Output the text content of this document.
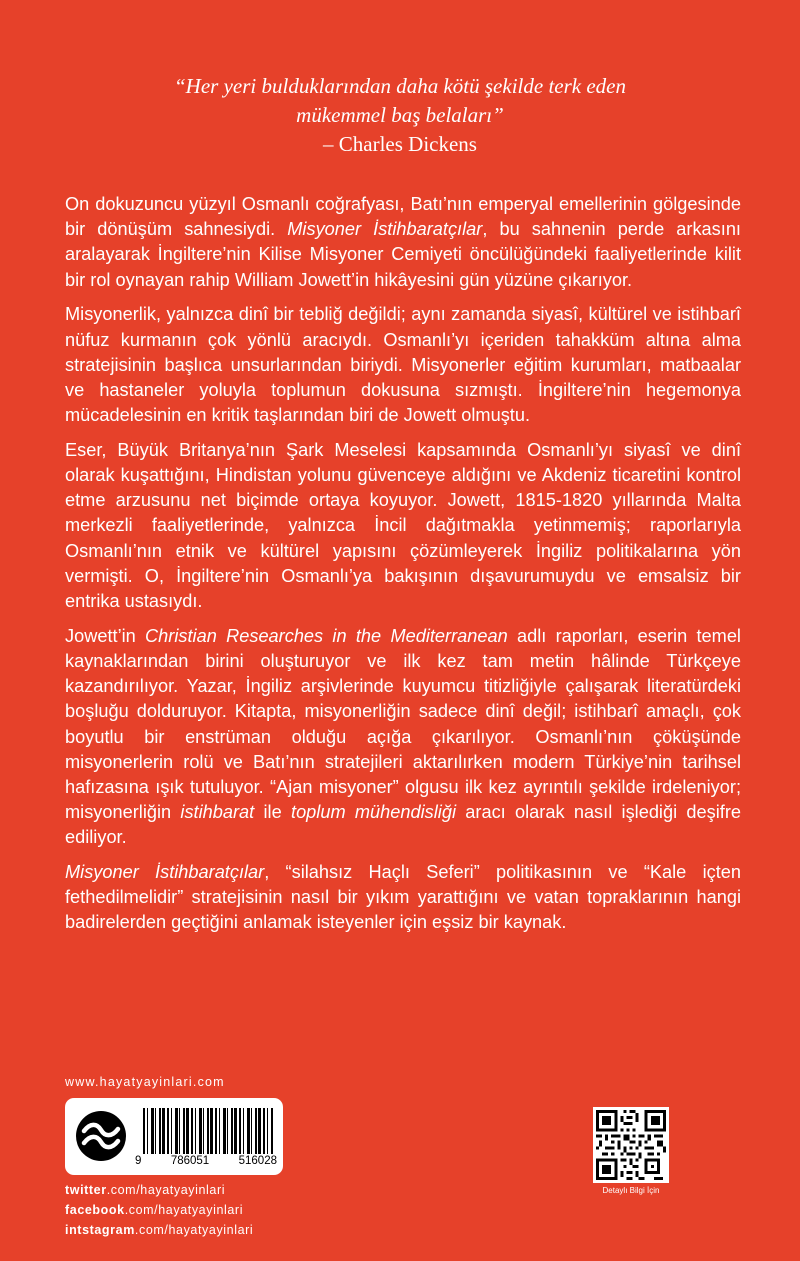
“Her yeri bulduklarından daha kötü şekilde terk eden
mükemmel baş belaları”
– Charles Dickens

On dokuzuncu yüzyıl Osmanlı coğrafyası, Batı’nın emperyal emellerinin gölgesinde bir dönüşüm sahnesiydi. Misyoner İstihbaratçılar, bu sahnenin perde arkasını aralayarak İngiltere’nin Kilise Misyoner Cemiyeti öncülüğündeki faaliyetlerinde kilit bir rol oynayan rahip William Jowett’in hikâyesini gün yüzüne çıkarıyor.

Misyonerlik, yalnızca dinî bir tebliğ değildi; aynı zamanda siyasî, kültürel ve istihbarî nüfuz kurmanın çok yönlü aracıydı. Osmanlı’yı içeriden tahakküm altına alma stratejisinin başlıca unsurlarından biriydi. Misyonerler eğitim kurumları, matbaalar ve hastaneler yoluyla toplumun dokusuna sızmıştı. İngiltere’nin hegemonya mücadelesinin en kritik taşlarından biri de Jowett olmuştu.

Eser, Büyük Britanya’nın Şark Meselesi kapsamında Osmanlı’yı siyasî ve dinî olarak kuşattığını, Hindistan yolunu güvenceye aldığını ve Akdeniz ticaretini kontrol etme arzusunu net biçimde ortaya koyuyor. Jowett, 1815-1820 yıllarında Malta merkezli faaliyetlerinde, yalnızca İncil dağıtmakla yetinmemiş; raporlarıyla Osmanlı’nın etnik ve kültürel yapısını çözümleyerek İngiliz politikalarına yön vermişti. O, İngiltere’nin Osmanlı’ya bakışının dışavurumuydu ve emsalsiz bir entrika ustasıydı.

Jowett’in Christian Researches in the Mediterranean adlı raporları, eserin temel kaynaklarından birini oluşturuyor ve ilk kez tam metin hâlinde Türkçeye kazandırılıyor. Yazar, İngiliz arşivlerinde kuyumcu titizliğiyle çalışarak literatürdeki boşluğu dolduruyor. Kitapta, misyonerliğin sadece dinî değil; istihbarî amaçlı, çok boyutlu bir enstrüman olduğu açığa çıkarılıyor. Osmanlı’nın çöküşünde misyonerlerin rolü ve Batı’nın stratejileri aktarılırken modern Türkiye’nin tarihsel hafızasına ışık tutuluyor. “Ajan misyoner” olgusu ilk kez ayrıntılı şekilde irdeleniyor; misyonerliğin istihbarat ile toplum mühendisliği aracı olarak nasıl işlediği deşifre ediliyor.

Misyoner İstihbaratçılar, “silahsız Haçlı Seferi” politikasının ve “Kale içten fethedilmelidir” stratejisinin nasıl bir yıkım yarattığını ve vatan topraklarının hangi badirelerden geçtiğini anlamak isteyenler için eşsiz bir kaynak.

www.hayatyayinlari.com
9	786051	516028
twitter.com/hayatyayinlari
facebook.com/hayatyayinlari
intstagram.com/hayatyayinlari
Detaylı Bilgi İçin
